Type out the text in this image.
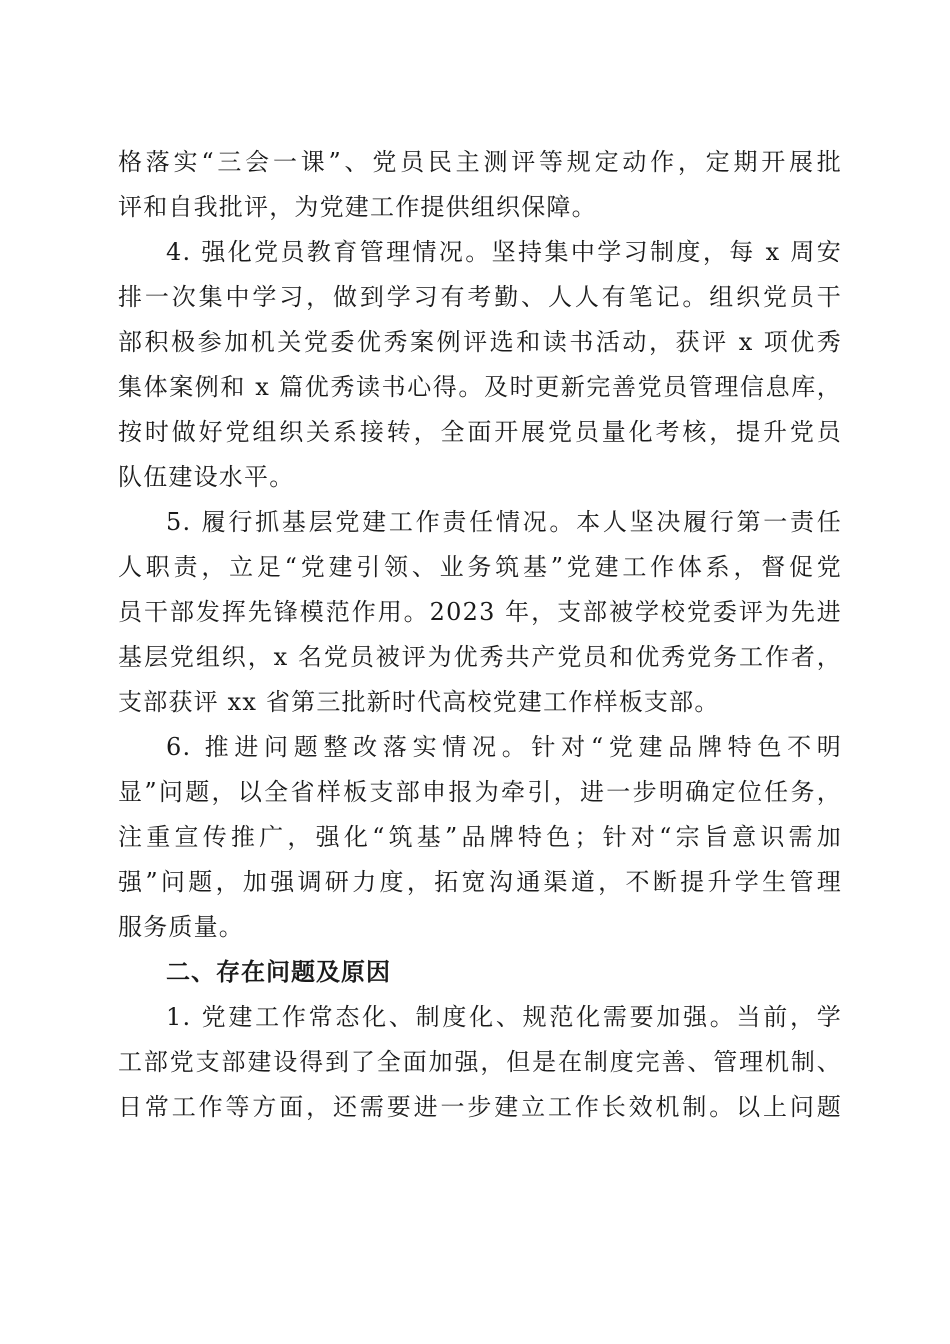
格落实“三会一课”、党员民主测评等规定动作，定期开展批
评和自我批评，为党建工作提供组织保障。
4. 强化党员教育管理情况。坚持集中学习制度，每 x 周安
排一次集中学习，做到学习有考勤、人人有笔记。组织党员干
部积极参加机关党委优秀案例评选和读书活动，获评 x 项优秀
集体案例和 x 篇优秀读书心得。及时更新完善党员管理信息库，
按时做好党组织关系接转，全面开展党员量化考核，提升党员
队伍建设水平。
5. 履行抓基层党建工作责任情况。本人坚决履行第一责任
人职责，立足“党建引领、业务筑基”党建工作体系，督促党
员干部发挥先锋模范作用。2023 年，支部被学校党委评为先进
基层党组织，x 名党员被评为优秀共产党员和优秀党务工作者，
支部获评 xx 省第三批新时代高校党建工作样板支部。
6. 推进问题整改落实情况。针对“党建品牌特色不明
显”问题，以全省样板支部申报为牵引，进一步明确定位任务，
注重宣传推广，强化“筑基”品牌特色；针对“宗旨意识需加
强”问题，加强调研力度，拓宽沟通渠道，不断提升学生管理
服务质量。
二、存在问题及原因
1. 党建工作常态化、制度化、规范化需要加强。当前，学
工部党支部建设得到了全面加强，但是在制度完善、管理机制、
日常工作等方面，还需要进一步建立工作长效机制。以上问题
